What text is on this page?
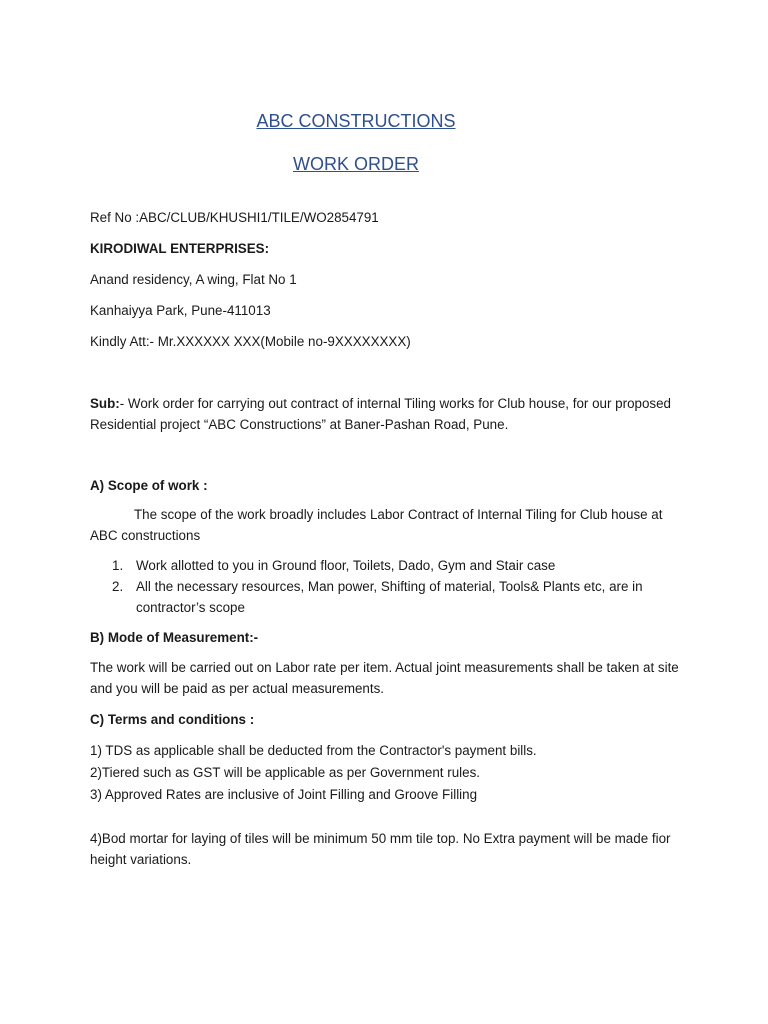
ABC CONSTRUCTIONS
WORK ORDER
Ref No :ABC/CLUB/KHUSHI1/TILE/WO2854791
KIRODIWAL ENTERPRISES:
Anand residency, A wing, Flat No 1
Kanhaiyya Park, Pune-411013
Kindly Att:- Mr.XXXXXX XXX(Mobile no-9XXXXXXXX)
Sub:- Work order for carrying out contract of internal Tiling works for Club house, for our proposed Residential project “ABC Constructions” at Baner-Pashan Road, Pune.
A) Scope of work :
The scope of the work broadly includes Labor Contract of Internal Tiling for Club house at ABC constructions
1. Work allotted to you in Ground floor, Toilets, Dado, Gym and Stair case
2. All the necessary resources, Man power, Shifting of material, Tools& Plants etc, are in contractor’s scope
B) Mode of Measurement:-
The work will be carried out on Labor rate per item. Actual joint measurements shall be taken at site and you will be paid as per actual measurements.
C) Terms and conditions :
1) TDS as applicable shall be deducted from the Contractor's payment bills.
2)Tiered such as GST will be applicable as per Government rules.
3) Approved Rates are inclusive of Joint Filling and Groove Filling
4)Bod mortar for laying of tiles will be minimum 50 mm tile top. No Extra payment will be made fior height variations.
